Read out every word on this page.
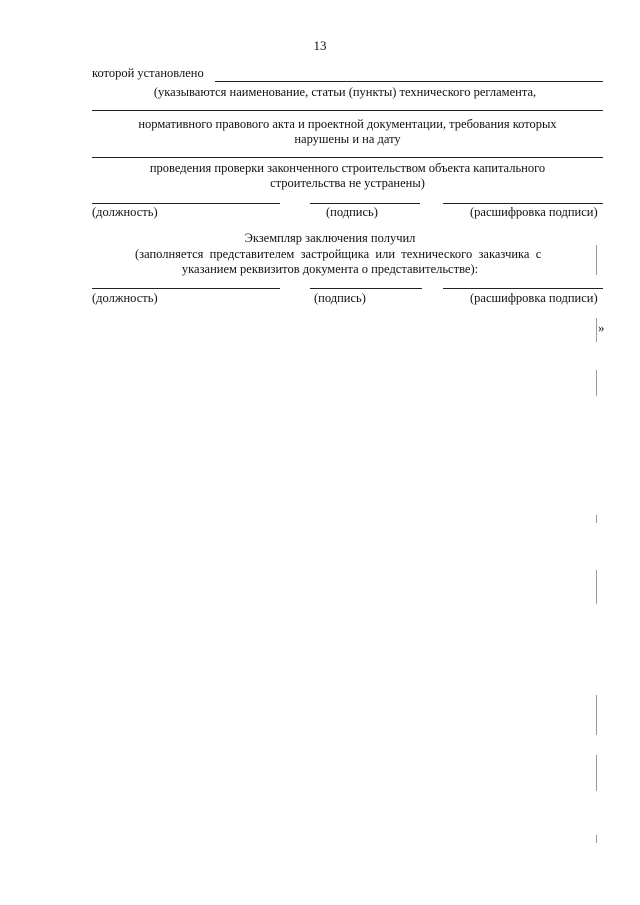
13
которой установлено
(указываются наименование, статьи (пункты) технического регламента,
нормативного правового акта и проектной документации, требования которых
нарушены и на дату
проведения проверки законченного строительством объекта капитального
строительства не устранены)
(должность)	(подпись)	(расшифровка подписи)
Экземпляр заключения получил
(заполняется  представителем  застройщика  или  технического  заказчика  с
указанием реквизитов документа о представительстве):
(должность)	(подпись)	(расшифровка подписи)
»
